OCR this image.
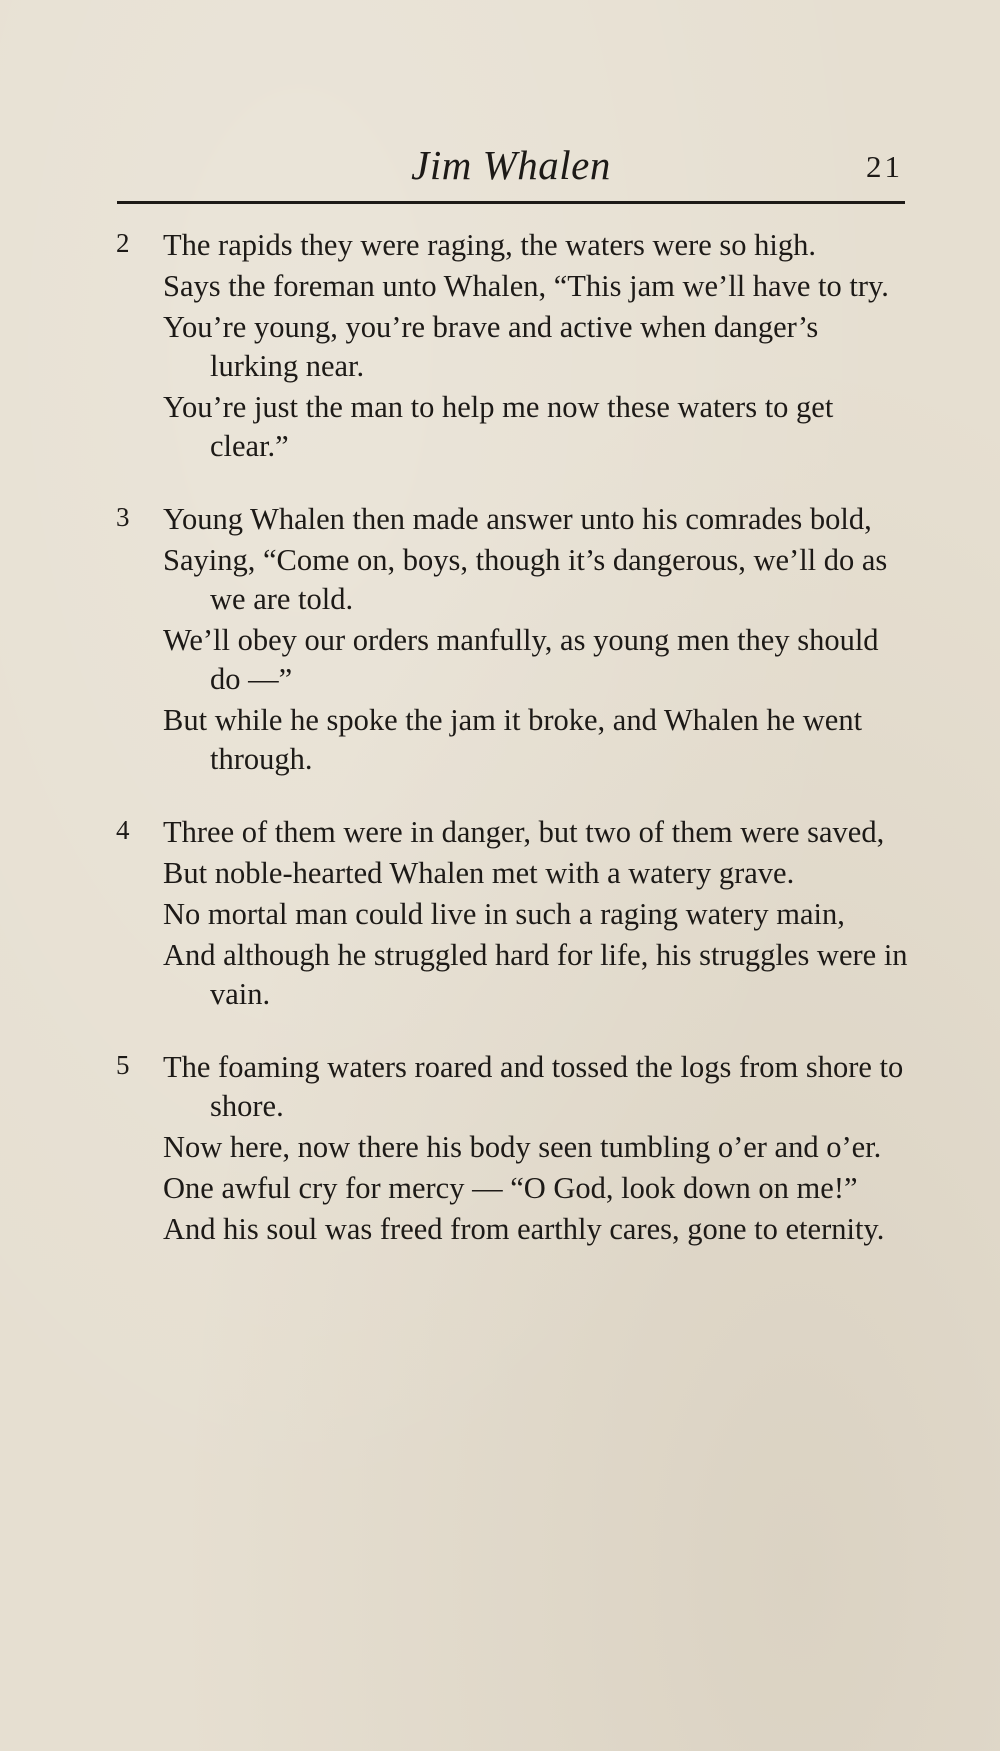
Jim Whalen	21
2	The rapids they were raging, the waters were so high.
Says the foreman unto Whalen, “This jam we’ll have to try.
You’re young, you’re brave and active when danger’s lurking near.
You’re just the man to help me now these waters to get clear.”
3	Young Whalen then made answer unto his comrades bold,
Saying, “Come on, boys, though it’s dangerous, we’ll do as we are told.
We’ll obey our orders manfully, as young men they should do —”
But while he spoke the jam it broke, and Whalen he went through.
4	Three of them were in danger, but two of them were saved,
But noble-hearted Whalen met with a watery grave.
No mortal man could live in such a raging watery main,
And although he struggled hard for life, his struggles were in vain.
5	The foaming waters roared and tossed the logs from shore to shore.
Now here, now there his body seen tumbling o’er and o’er.
One awful cry for mercy — “O God, look down on me!”
And his soul was freed from earthly cares, gone to eternity.
